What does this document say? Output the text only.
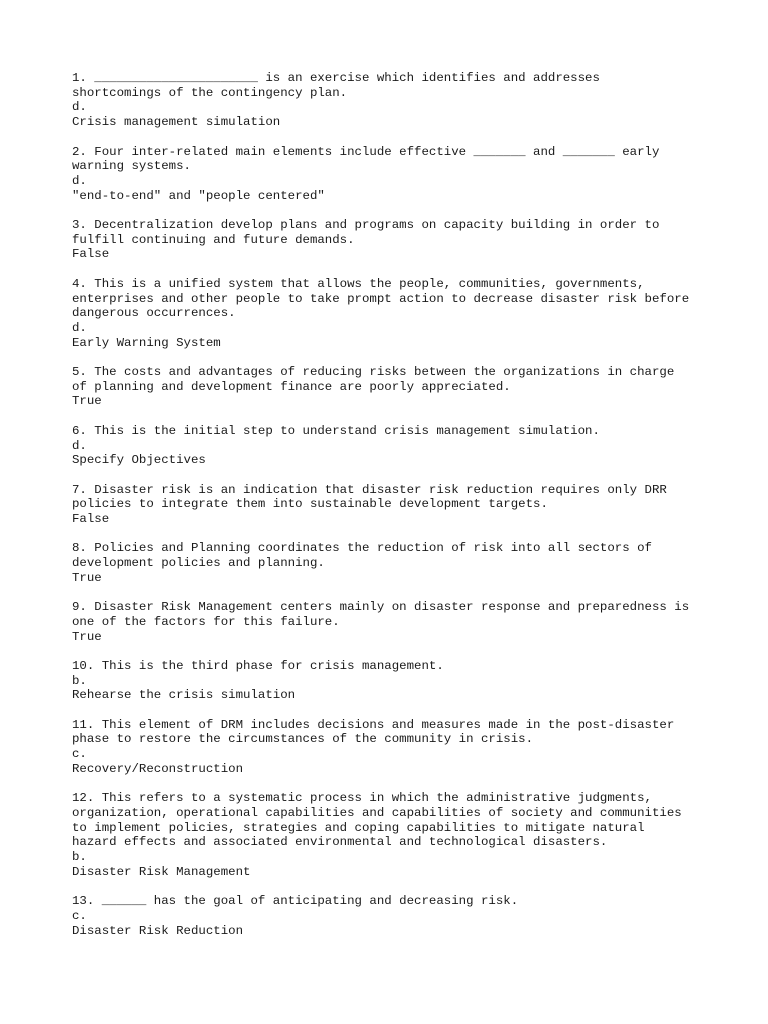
1. ______________________ is an exercise which identifies and addresses
shortcomings of the contingency plan.
d.
Crisis management simulation
2. Four inter-related main elements include effective _______ and _______ early
warning systems.
d.
"end-to-end" and "people centered"
3. Decentralization develop plans and programs on capacity building in order to
fulfill continuing and future demands.
False
4. This is a unified system that allows the people, communities, governments,
enterprises and other people to take prompt action to decrease disaster risk before
dangerous occurrences.
d.
Early Warning System
5. The costs and advantages of reducing risks between the organizations in charge
of planning and development finance are poorly appreciated.
True
6. This is the initial step to understand crisis management simulation.
d.
Specify Objectives
7. Disaster risk is an indication that disaster risk reduction requires only DRR
policies to integrate them into sustainable development targets.
False
8. Policies and Planning coordinates the reduction of risk into all sectors of
development policies and planning.
True
9. Disaster Risk Management centers mainly on disaster response and preparedness is
one of the factors for this failure.
True
10. This is the third phase for crisis management.
b.
Rehearse the crisis simulation
11. This element of DRM includes decisions and measures made in the post-disaster
phase to restore the circumstances of the community in crisis.
c.
Recovery/Reconstruction
12. This refers to a systematic process in which the administrative judgments,
organization, operational capabilities and capabilities of society and communities
to implement policies, strategies and coping capabilities to mitigate natural
hazard effects and associated environmental and technological disasters.
b.
Disaster Risk Management
13. ______ has the goal of anticipating and decreasing risk.
c.
Disaster Risk Reduction
